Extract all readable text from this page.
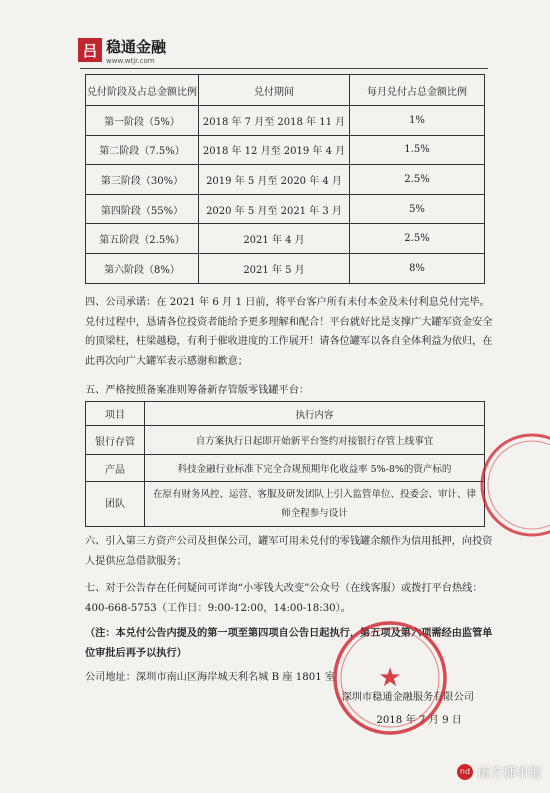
吕 稳通金融
www.wtjr.com
兑付阶段及占总金额比例	兑付期间	每月兑付占总金额比例
第一阶段（5%）	2018 年 7 月至 2018 年 11 月	1%
第二阶段（7.5%）	2018 年 12 月至 2019 年 4 月	1.5%
第三阶段（30%）	2019 年 5 月至 2020 年 4 月	2.5%
第四阶段（55%）	2020 年 5 月至 2021 年 3 月	5%
第五阶段（2.5%）	2021 年 4 月	2.5%
第六阶段（8%）	2021 年 5 月	8%
四、公司承诺：在 2021 年 6 月 1 日前，将平台客户所有未付本金及未付利息兑付完毕。兑付过程中，恳请各位投资者能给予更多理解和配合！平台就好比是支撑广大罐军资金安全的顶梁柱，柱梁越稳，有利于催收进度的工作展开！请各位罐军以各自全体利益为依归，在此再次向广大罐军表示感谢和歉意；
五、严格按照备案准则筹备新存管版零钱罐平台：
项目	执行内容
银行存管	自方案执行日起即开始新平台签约对接银行存管上线事宜
产品	科技金融行业标准下完全合规预期年化收益率 5%-8%的资产标的
团队	在原有财务风控、运营、客服及研发团队上引入监管单位、投委会、审计、律师全程参与设计
六、引入第三方资产公司及担保公司，罐军可用未兑付的零钱罐余额作为信用抵押，向投资人提供应急借款服务；
七、对于公告存在任何疑问可详询“小零钱大改变”公众号（在线客服）或拨打平台热线：400-668-5753（工作日：9:00-12:00，14:00-18:30）。
（注：本兑付公告内提及的第一项至第四项自公告日起执行，第五项及第六项需经由监管单位审批后再予以执行）
公司地址：深圳市南山区海岸城天利名城 B 座 1801 室
深圳市稳通金融服务有限公司
2018 年 7 月 9 日
★
nd 南方都市报
